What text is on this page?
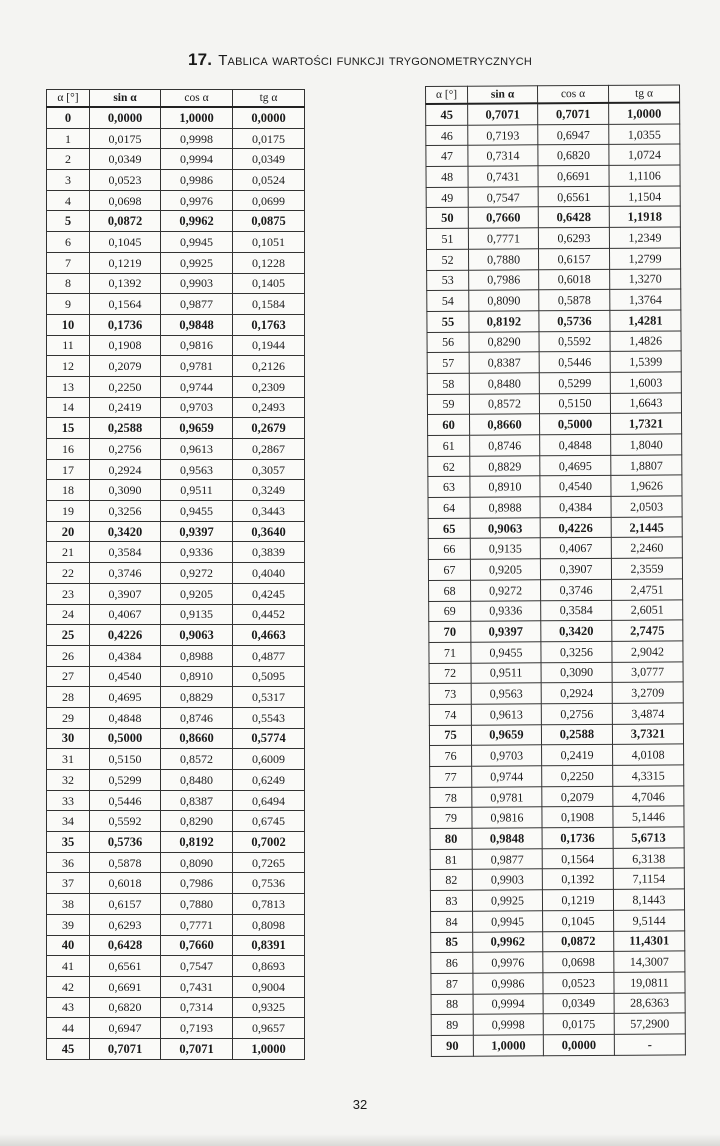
17. Tablica wartości funkcji trygonometrycznych
α [°]	sin α	cos α	tg α
0	0,0000	1,0000	0,0000
1	0,0175	0,9998	0,0175
2	0,0349	0,9994	0,0349
3	0,0523	0,9986	0,0524
4	0,0698	0,9976	0,0699
5	0,0872	0,9962	0,0875
6	0,1045	0,9945	0,1051
7	0,1219	0,9925	0,1228
8	0,1392	0,9903	0,1405
9	0,1564	0,9877	0,1584
10	0,1736	0,9848	0,1763
11	0,1908	0,9816	0,1944
12	0,2079	0,9781	0,2126
13	0,2250	0,9744	0,2309
14	0,2419	0,9703	0,2493
15	0,2588	0,9659	0,2679
16	0,2756	0,9613	0,2867
17	0,2924	0,9563	0,3057
18	0,3090	0,9511	0,3249
19	0,3256	0,9455	0,3443
20	0,3420	0,9397	0,3640
21	0,3584	0,9336	0,3839
22	0,3746	0,9272	0,4040
23	0,3907	0,9205	0,4245
24	0,4067	0,9135	0,4452
25	0,4226	0,9063	0,4663
26	0,4384	0,8988	0,4877
27	0,4540	0,8910	0,5095
28	0,4695	0,8829	0,5317
29	0,4848	0,8746	0,5543
30	0,5000	0,8660	0,5774
31	0,5150	0,8572	0,6009
32	0,5299	0,8480	0,6249
33	0,5446	0,8387	0,6494
34	0,5592	0,8290	0,6745
35	0,5736	0,8192	0,7002
36	0,5878	0,8090	0,7265
37	0,6018	0,7986	0,7536
38	0,6157	0,7880	0,7813
39	0,6293	0,7771	0,8098
40	0,6428	0,7660	0,8391
41	0,6561	0,7547	0,8693
42	0,6691	0,7431	0,9004
43	0,6820	0,7314	0,9325
44	0,6947	0,7193	0,9657
45	0,7071	0,7071	1,0000
α [°]	sin α	cos α	tg α
45	0,7071	0,7071	1,0000
46	0,7193	0,6947	1,0355
47	0,7314	0,6820	1,0724
48	0,7431	0,6691	1,1106
49	0,7547	0,6561	1,1504
50	0,7660	0,6428	1,1918
51	0,7771	0,6293	1,2349
52	0,7880	0,6157	1,2799
53	0,7986	0,6018	1,3270
54	0,8090	0,5878	1,3764
55	0,8192	0,5736	1,4281
56	0,8290	0,5592	1,4826
57	0,8387	0,5446	1,5399
58	0,8480	0,5299	1,6003
59	0,8572	0,5150	1,6643
60	0,8660	0,5000	1,7321
61	0,8746	0,4848	1,8040
62	0,8829	0,4695	1,8807
63	0,8910	0,4540	1,9626
64	0,8988	0,4384	2,0503
65	0,9063	0,4226	2,1445
66	0,9135	0,4067	2,2460
67	0,9205	0,3907	2,3559
68	0,9272	0,3746	2,4751
69	0,9336	0,3584	2,6051
70	0,9397	0,3420	2,7475
71	0,9455	0,3256	2,9042
72	0,9511	0,3090	3,0777
73	0,9563	0,2924	3,2709
74	0,9613	0,2756	3,4874
75	0,9659	0,2588	3,7321
76	0,9703	0,2419	4,0108
77	0,9744	0,2250	4,3315
78	0,9781	0,2079	4,7046
79	0,9816	0,1908	5,1446
80	0,9848	0,1736	5,6713
81	0,9877	0,1564	6,3138
82	0,9903	0,1392	7,1154
83	0,9925	0,1219	8,1443
84	0,9945	0,1045	9,5144
85	0,9962	0,0872	11,4301
86	0,9976	0,0698	14,3007
87	0,9986	0,0523	19,0811
88	0,9994	0,0349	28,6363
89	0,9998	0,0175	57,2900
90	1,0000	0,0000	-
32
